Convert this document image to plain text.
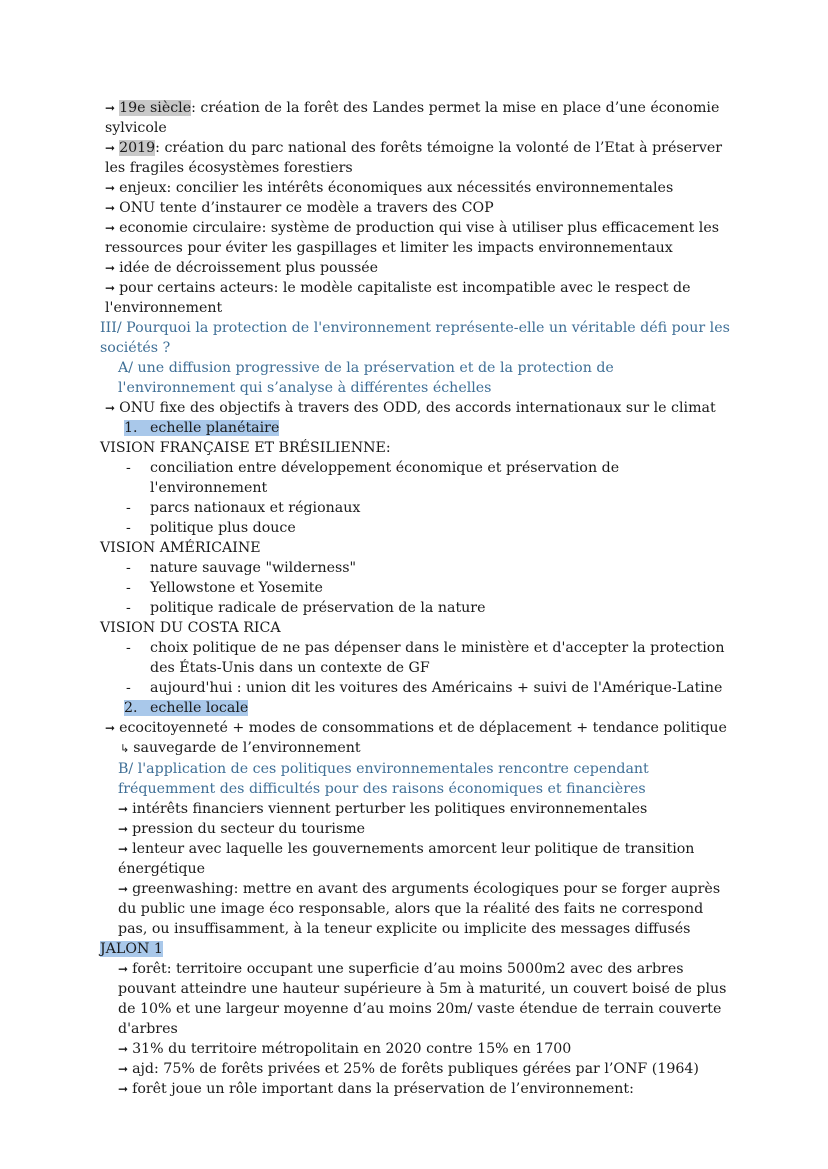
➞ 19e siècle: création de la forêt des Landes permet la mise en place d’une économie sylvicole
➞ 2019: création du parc national des forêts témoigne la volonté de l’Etat à préserver les fragiles écosystèmes forestiers
➞ enjeux: concilier les intérêts économiques aux nécessités environnementales
➞ ONU tente d’instaurer ce modèle a travers des COP
➞ economie circulaire: système de production qui vise à utiliser plus efficacement les ressources pour éviter les gaspillages et limiter les impacts environnementaux
➞ idée de décroissement plus poussée
➞ pour certains acteurs: le modèle capitaliste est incompatible avec le respect de l'environnement
III/ Pourquoi la protection de l'environnement représente-elle un véritable défi pour les sociétés ?
A/ une diffusion progressive de la préservation et de la protection de l'environnement qui s’analyse à différentes échelles
➞ ONU fixe des objectifs à travers des ODD, des accords internationaux sur le climat
1. echelle planétaire
VISION FRANÇAISE ET BRÉSILIENNE:
- conciliation entre développement économique et préservation de l'environnement
- parcs nationaux et régionaux
- politique plus douce
VISION AMÉRICAINE
- nature sauvage "wilderness"
- Yellowstone et Yosemite
- politique radicale de préservation de la nature
VISION DU COSTA RICA
- choix politique de ne pas dépenser dans le ministère et d'accepter la protection des États-Unis dans un contexte de GF
- aujourd'hui : union dit les voitures des Américains + suivi de l'Amérique-Latine
2. echelle locale
➞ ecocitoyenneté + modes de consommations et de déplacement + tendance politique
↳ sauvegarde de l’environnement
B/ l'application de ces politiques environnementales rencontre cependant fréquemment des difficultés pour des raisons économiques et financières
➞ intérêts financiers viennent perturber les politiques environnementales
➞ pression du secteur du tourisme
➞ lenteur avec laquelle les gouvernements amorcent leur politique de transition énergétique
➞ greenwashing: mettre en avant des arguments écologiques pour se forger auprès du public une image éco responsable, alors que la réalité des faits ne correspond pas, ou insuffisamment, à la teneur explicite ou implicite des messages diffusés
JALON 1
➞ forêt: territoire occupant une superficie d’au moins 5000m2 avec des arbres pouvant atteindre une hauteur supérieure à 5m à maturité, un couvert boisé de plus de 10% et une largeur moyenne d’au moins 20m/ vaste étendue de terrain couverte d'arbres
➞ 31% du territoire métropolitain en 2020 contre 15% en 1700
➞ ajd: 75% de forêts privées et 25% de forêts publiques gérées par l’ONF (1964)
➞ forêt joue un rôle important dans la préservation de l’environnement:
